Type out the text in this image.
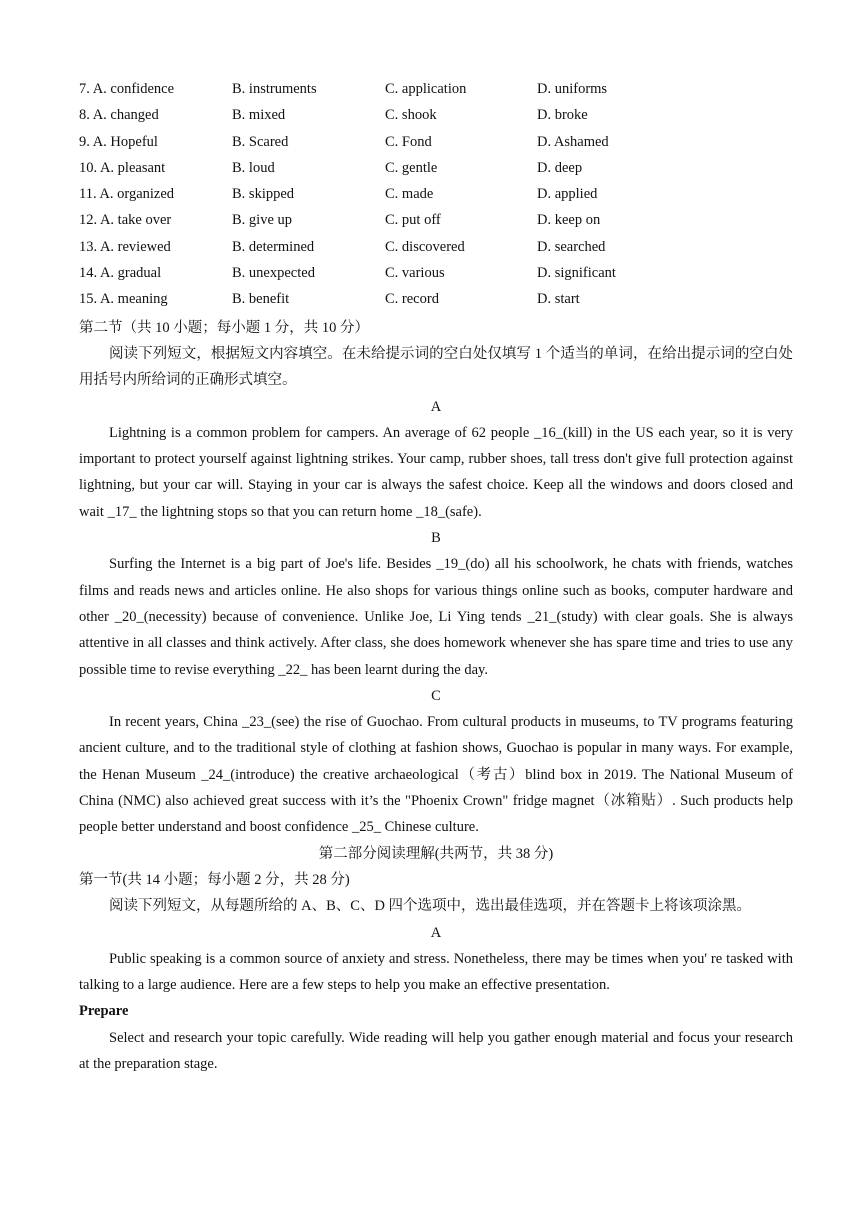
7. A. confidence	B. instruments	C. application	D. uniforms
8. A. changed	B. mixed	C. shook	D. broke
9. A. Hopeful	B. Scared	C. Fond	D. Ashamed
10. A. pleasant	B. loud	C. gentle	D. deep
11. A. organized	B. skipped	C. made	D. applied
12. A. take over	B. give up	C. put off	D. keep on
13. A. reviewed	B. determined	C. discovered	D. searched
14. A. gradual	B. unexpected	C. various	D. significant
15. A. meaning	B. benefit	C. record	D. start
第二节（共 10 小题；每小题 1 分，共 10 分）

阅读下列短文，根据短文内容填空。在未给提示词的空白处仅填写 1 个适当的单词，在给出提示词的空白处用括号内所给词的正确形式填空。

A

Lightning is a common problem for campers. An average of 62 people _16_(kill) in the US each year, so it is very important to protect yourself against lightning strikes. Your camp, rubber shoes, tall tress don't give full protection against lightning, but your car will. Staying in your car is always the safest choice. Keep all the windows and doors closed and wait _17_ the lightning stops so that you can return home _18_(safe).

B

Surfing the Internet is a big part of Joe's life. Besides _19_(do) all his schoolwork, he chats with friends, watches films and reads news and articles online. He also shops for various things online such as books, computer hardware and other _20_(necessity) because of convenience. Unlike Joe, Li Ying tends _21_(study) with clear goals. She is always attentive in all classes and think actively. After class, she does homework whenever she has spare time and tries to use any possible time to revise everything _22_ has been learnt during the day.

C

In recent years, China _23_(see) the rise of Guochao. From cultural products in museums, to TV programs featuring ancient culture, and to the traditional style of clothing at fashion shows, Guochao is popular in many ways. For example, the Henan Museum _24_(introduce) the creative archaeological（考古）blind box in 2019. The National Museum of China (NMC) also achieved great success with it’s the "Phoenix Crown" fridge magnet（冰箱贴）. Such products help people better understand and boost confidence _25_ Chinese culture.

第二部分阅读理解(共两节，共 38 分)
第一节(共 14 小题；每小题 2 分，共 28 分)

阅读下列短文，从每题所给的 A、B、C、D 四个选项中，选出最佳选项，并在答题卡上将该项涂黑。

A

Public speaking is a common source of anxiety and stress. Nonetheless, there may be times when you' re tasked with talking to a large audience. Here are a few steps to help you make an effective presentation.

Prepare

Select and research your topic carefully. Wide reading will help you gather enough material and focus your research at the preparation stage.
